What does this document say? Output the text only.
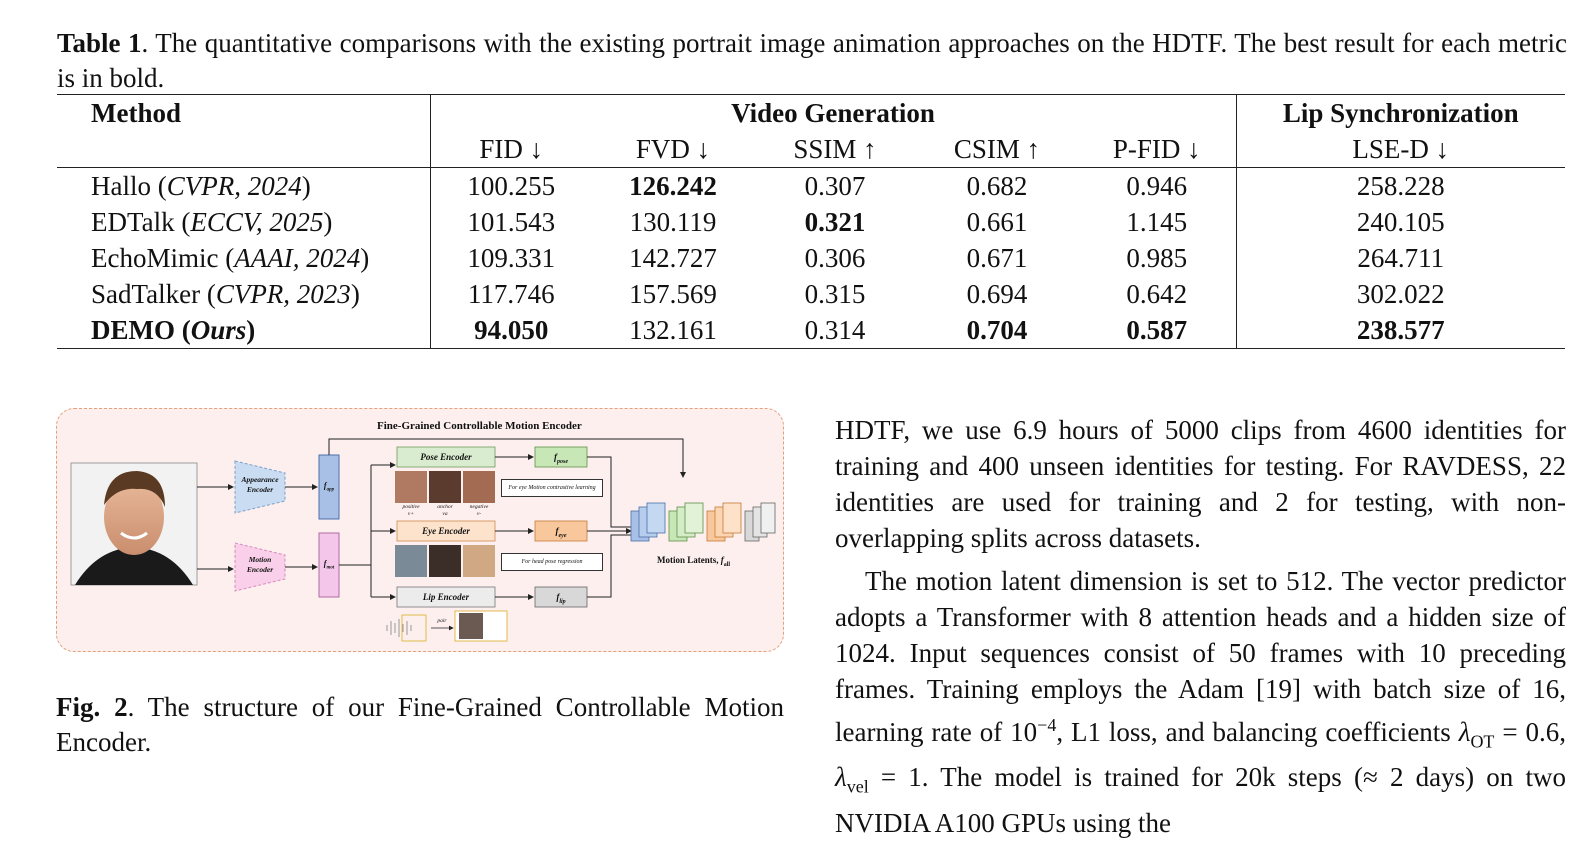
Table 1. The quantitative comparisons with the existing portrait image animation approaches on the HDTF. The best result for each metric is in bold.
Method	Video Generation					Lip Synchronization
	FID ↓	FVD ↓	SSIM ↑	CSIM ↑	P-FID ↓	LSE-D ↓
Hallo (CVPR, 2024)	100.255	126.242	0.307	0.682	0.946	258.228
EDTalk (ECCV, 2025)	101.543	130.119	0.321	0.661	1.145	240.105
EchoMimic (AAAI, 2024)	109.331	142.727	0.306	0.671	0.985	264.711
SadTalker (CVPR, 2023)	117.746	157.569	0.315	0.694	0.642	302.022
DEMO (Ours)	94.050	132.161	0.314	0.704	0.587	238.577
Fine-Grained Controllable Motion Encoder
Appearance
Encoder
Motion
Encoder
$f_{app}$
$f_{mot}$
Pose Encoder
Eye Encoder
Lip Encoder
$f_{pose}$
$f_{eye}$
$f_{lip}$
For eye Motion contrastive learning
For head pose regression
positive
v+
anchor
va
negative
v-
pair
Motion Latents, $f_{all}$
Fig. 2. The structure of our Fine-Grained Controllable Motion Encoder.

HDTF, we use 6.9 hours of 5000 clips from 4600 identities for training and 400 unseen identities for testing. For RAVDESS, 22 identities are used for training and 2 for testing, with non-overlapping splits across datasets.

The motion latent dimension is set to 512. The vector predictor adopts a Transformer with 8 attention heads and a hidden size of 1024. Input sequences consist of 50 frames with 10 preceding frames. Training employs the Adam [19] with batch size of 16, learning rate of $10^{-4}$, L1 loss, and balancing coefficients $\lambda_{OT} = 0.6$, $\lambda_{vel} = 1$. The model is trained for 20k steps (≈ 2 days) on two NVIDIA A100 GPUs using the
